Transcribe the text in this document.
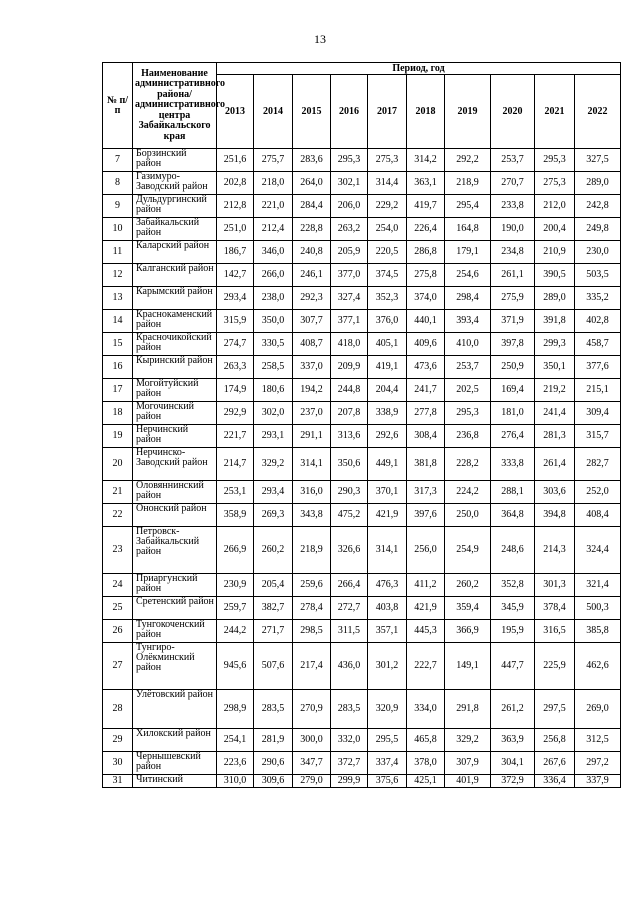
13
№ п/п	Наименование административного района/ административного центра Забайкальского края	Период, год									
		2013	2014	2015	2016	2017	2018	2019	2020	2021	2022
7	Борзинский район	251,6	275,7	283,6	295,3	275,3	314,2	292,2	253,7	295,3	327,5
8	Газимуро-Заводский район	202,8	218,0	264,0	302,1	314,4	363,1	218,9	270,7	275,3	289,0
9	Дульдургинский район	212,8	221,0	284,4	206,0	229,2	419,7	295,4	233,8	212,0	242,8
10	Забайкальский район	251,0	212,4	228,8	263,2	254,0	226,4	164,8	190,0	200,4	249,8
11	Каларский район	186,7	346,0	240,8	205,9	220,5	286,8	179,1	234,8	210,9	230,0
12	Калганский район	142,7	266,0	246,1	377,0	374,5	275,8	254,6	261,1	390,5	503,5
13	Карымский район	293,4	238,0	292,3	327,4	352,3	374,0	298,4	275,9	289,0	335,2
14	Краснокаменский район	315,9	350,0	307,7	377,1	376,0	440,1	393,4	371,9	391,8	402,8
15	Красночикойский район	274,7	330,5	408,7	418,0	405,1	409,6	410,0	397,8	299,3	458,7
16	Кыринский район	263,3	258,5	337,0	209,9	419,1	473,6	253,7	250,9	350,1	377,6
17	Могойтуйский район	174,9	180,6	194,2	244,8	204,4	241,7	202,5	169,4	219,2	215,1
18	Могочинский район	292,9	302,0	237,0	207,8	338,9	277,8	295,3	181,0	241,4	309,4
19	Нерчинский район	221,7	293,1	291,1	313,6	292,6	308,4	236,8	276,4	281,3	315,7
20	Нерчинско-Заводский район	214,7	329,2	314,1	350,6	449,1	381,8	228,2	333,8	261,4	282,7
21	Оловяннинский район	253,1	293,4	316,0	290,3	370,1	317,3	224,2	288,1	303,6	252,0
22	Ононский район	358,9	269,3	343,8	475,2	421,9	397,6	250,0	364,8	394,8	408,4
23	Петровск-Забайкальский район	266,9	260,2	218,9	326,6	314,1	256,0	254,9	248,6	214,3	324,4
24	Приаргунский район	230,9	205,4	259,6	266,4	476,3	411,2	260,2	352,8	301,3	321,4
25	Сретенский район	259,7	382,7	278,4	272,7	403,8	421,9	359,4	345,9	378,4	500,3
26	Тунгокоченский район	244,2	271,7	298,5	311,5	357,1	445,3	366,9	195,9	316,5	385,8
27	Тунгиро-Олёкминский район	945,6	507,6	217,4	436,0	301,2	222,7	149,1	447,7	225,9	462,6
28	Улётовский район	298,9	283,5	270,9	283,5	320,9	334,0	291,8	261,2	297,5	269,0
29	Хилокский район	254,1	281,9	300,0	332,0	295,5	465,8	329,2	363,9	256,8	312,5
30	Чернышевский район	223,6	290,6	347,7	372,7	337,4	378,0	307,9	304,1	267,6	297,2
31	Читинский	310,0	309,6	279,0	299,9	375,6	425,1	401,9	372,9	336,4	337,9
